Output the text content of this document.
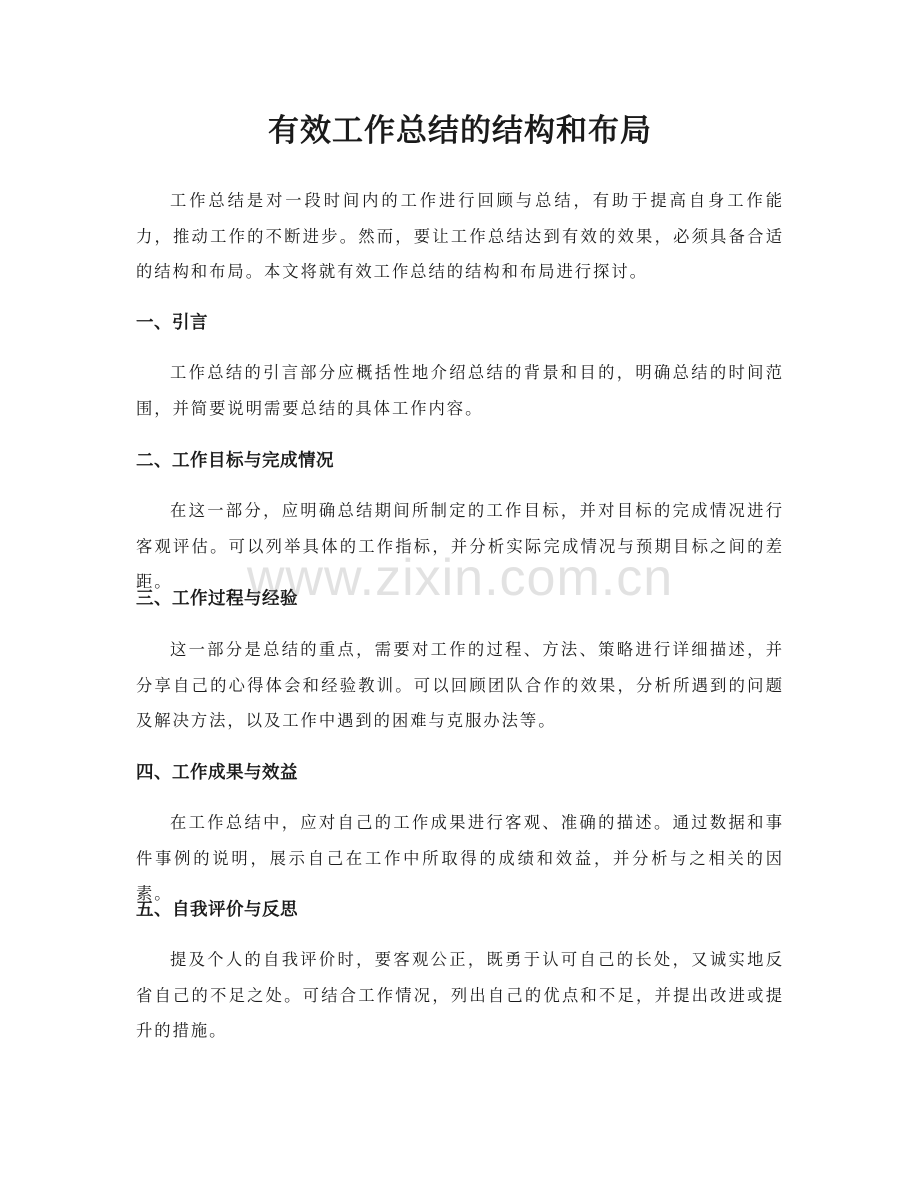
有效工作总结的结构和布局

工作总结是对一段时间内的工作进行回顾与总结，有助于提高自身工作能力，推动工作的不断进步。然而，要让工作总结达到有效的效果，必须具备合适的结构和布局。本文将就有效工作总结的结构和布局进行探讨。

一、引言

工作总结的引言部分应概括性地介绍总结的背景和目的，明确总结的时间范围，并简要说明需要总结的具体工作内容。

二、工作目标与完成情况

在这一部分，应明确总结期间所制定的工作目标，并对目标的完成情况进行客观评估。可以列举具体的工作指标，并分析实际完成情况与预期目标之间的差距。

三、工作过程与经验

这一部分是总结的重点，需要对工作的过程、方法、策略进行详细描述，并分享自己的心得体会和经验教训。可以回顾团队合作的效果，分析所遇到的问题及解决方法，以及工作中遇到的困难与克服办法等。

四、工作成果与效益

在工作总结中，应对自己的工作成果进行客观、准确的描述。通过数据和事件事例的说明，展示自己在工作中所取得的成绩和效益，并分析与之相关的因素。

五、自我评价与反思

提及个人的自我评价时，要客观公正，既勇于认可自己的长处，又诚实地反省自己的不足之处。可结合工作情况，列出自己的优点和不足，并提出改进或提升的措施。

www.zixin.com.cn
